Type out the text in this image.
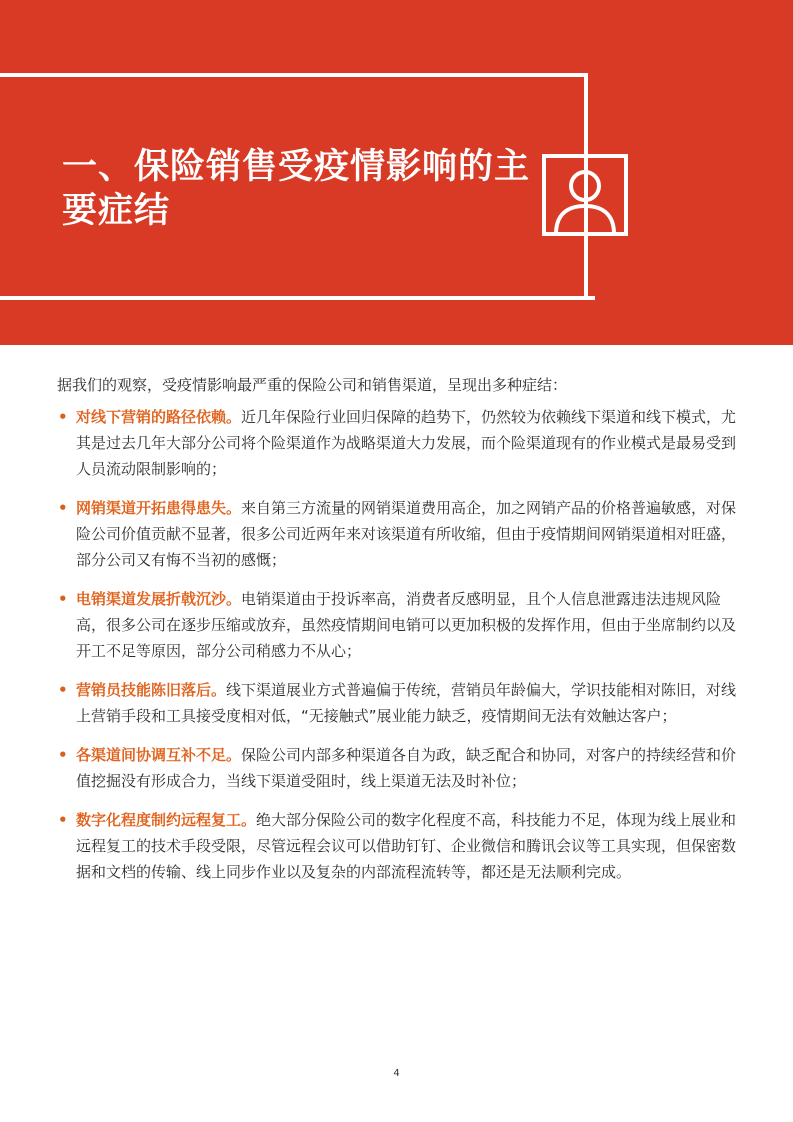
一、保险销售受疫情影响的主要症结

据我们的观察，受疫情影响最严重的保险公司和销售渠道，呈现出多种症结：

• 对线下营销的路径依赖。近几年保险行业回归保障的趋势下，仍然较为依赖线下渠道和线下模式，尤其是过去几年大部分公司将个险渠道作为战略渠道大力发展，而个险渠道现有的作业模式是最易受到人员流动限制影响的；
• 网销渠道开拓患得患失。来自第三方流量的网销渠道费用高企，加之网销产品的价格普遍敏感，对保险公司价值贡献不显著，很多公司近两年来对该渠道有所收缩，但由于疫情期间网销渠道相对旺盛，部分公司又有悔不当初的感慨；
• 电销渠道发展折戟沉沙。电销渠道由于投诉率高，消费者反感明显，且个人信息泄露违法违规风险高，很多公司在逐步压缩或放弃，虽然疫情期间电销可以更加积极的发挥作用，但由于坐席制约以及开工不足等原因，部分公司稍感力不从心；
• 营销员技能陈旧落后。线下渠道展业方式普遍偏于传统，营销员年龄偏大，学识技能相对陈旧，对线上营销手段和工具接受度相对低，“无接触式”展业能力缺乏，疫情期间无法有效触达客户；
• 各渠道间协调互补不足。保险公司内部多种渠道各自为政，缺乏配合和协同，对客户的持续经营和价值挖掘没有形成合力，当线下渠道受阻时，线上渠道无法及时补位；
• 数字化程度制约远程复工。绝大部分保险公司的数字化程度不高，科技能力不足，体现为线上展业和远程复工的技术手段受限，尽管远程会议可以借助钉钉、企业微信和腾讯会议等工具实现，但保密数据和文档的传输、线上同步作业以及复杂的内部流程流转等，都还是无法顺利完成。
4
